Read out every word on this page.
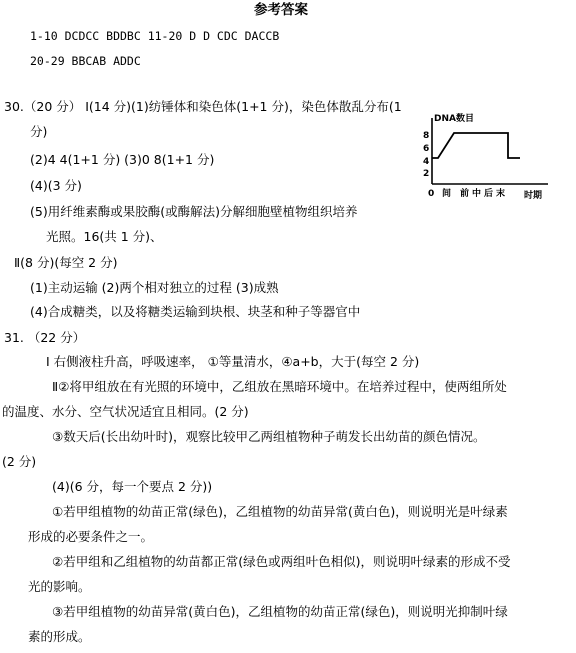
参考答案
1-10 DCDCC BDDBC 11-20 D D CDC DACCB
20-29 BBCAB ADDC
30.（20 分） Ⅰ(14 分)(1)纺锤体和染色体(1+1 分)，染色体散乱分布(1
分)
(2)4 4(1+1 分) (3)0 8(1+1 分)
(4)(3 分)
(5)用纤维素酶或果胶酶(或酶解法)分解细胞壁植物组织培养
光照。16(共 1 分)、
Ⅱ(8 分)(每空 2 分)
(1)主动运输 (2)两个相对独立的过程 (3)成熟
(4)合成糖类，以及将糖类运输到块根、块茎和种子等器官中
DNA数目
8
6
4
2
0 间 前 中 后 末 时期
31. （22 分）
Ⅰ 右侧液柱升高，呼吸速率， ①等量清水，④a+b，大于(每空 2 分)
Ⅱ②将甲组放在有光照的环境中，乙组放在黑暗环境中。在培养过程中，使两组所处
的温度、水分、空气状况适宜且相同。(2 分)
③数天后(长出幼叶时)，观察比较甲乙两组植物种子萌发长出幼苗的颜色情况。
(2 分)
(4)(6 分，每一个要点 2 分))
①若甲组植物的幼苗正常(绿色)，乙组植物的幼苗异常(黄白色)，则说明光是叶绿素
形成的必要条件之一。
②若甲组和乙组植物的幼苗都正常(绿色或两组叶色相似)，则说明叶绿素的形成不受
光的影响。
③若甲组植物的幼苗异常(黄白色)，乙组植物的幼苗正常(绿色)，则说明光抑制叶绿
素的形成。
